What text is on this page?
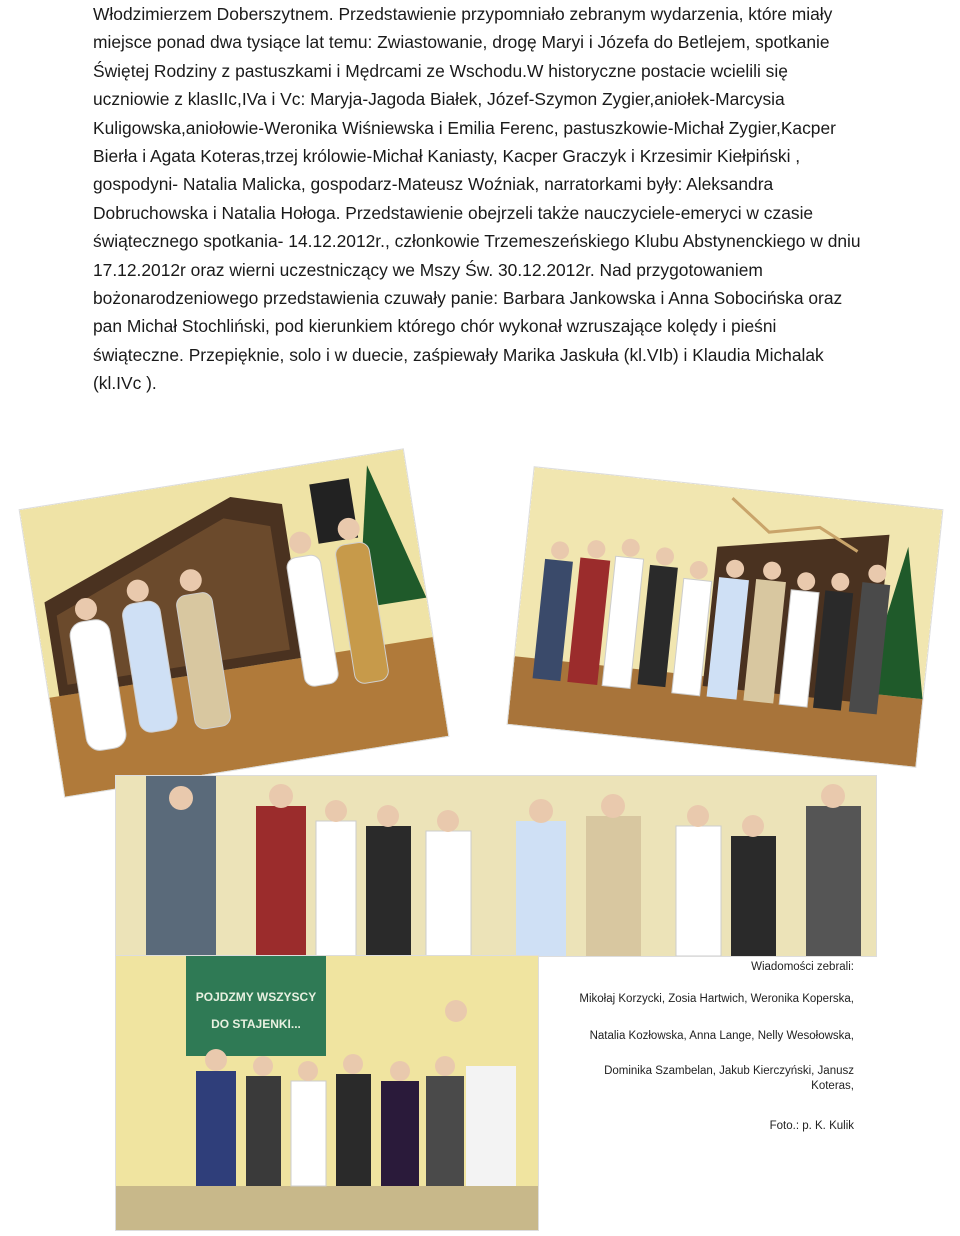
Włodzimierzem Doberszytnem. Przedstawienie przypomniało zebranym wydarzenia, które miały miejsce ponad dwa tysiące lat temu: Zwiastowanie, drogę Maryi i Józefa do Betlejem, spotkanie Świętej Rodziny z pastuszkami i Mędrcami ze Wschodu.W historyczne postacie wcielili się uczniowie z klasIIc,IVa i Vc: Maryja-Jagoda Białek, Józef-Szymon Zygier,aniołek-Marcysia Kuligowska,aniołowie-Weronika Wiśniewska i Emilia Ferenc, pastuszkowie-Michał Zygier,Kacper Bierła i Agata Koteras,trzej królowie-Michał Kaniasty, Kacper Graczyk i Krzesimir Kiełpiński , gospodyni- Natalia Malicka, gospodarz-Mateusz Woźniak, narratorkami były: Aleksandra Dobruchowska i Natalia Hołoga. Przedstawienie obejrzeli także nauczyciele-emeryci w czasie świątecznego spotkania- 14.12.2012r., członkowie Trzemeszeńskiego Klubu Abstynenckiego w dniu 17.12.2012r oraz wierni uczestniczący we Mszy Św. 30.12.2012r. Nad przygotowaniem bożonarodzeniowego przedstawienia czuwały panie: Barbara Jankowska i Anna Sobocińska oraz pan Michał Stochliński, pod kierunkiem którego chór wykonał wzruszające kolędy i pieśni świąteczne. Przepięknie, solo i w duecie, zaśpiewały Marika Jaskuła (kl.VIb) i Klaudia Michalak (kl.IVc ).

POJDZMY WSZYSCY
DO STAJENKI...

Wiadomości zebrali:

Mikołaj Korzycki, Zosia Hartwich, Weronika Koperska,

Natalia Kozłowska, Anna Lange, Nelly Wesołowska,

Dominika Szambelan, Jakub Kierczyński, Janusz Koteras,

Foto.: p. K. Kulik
